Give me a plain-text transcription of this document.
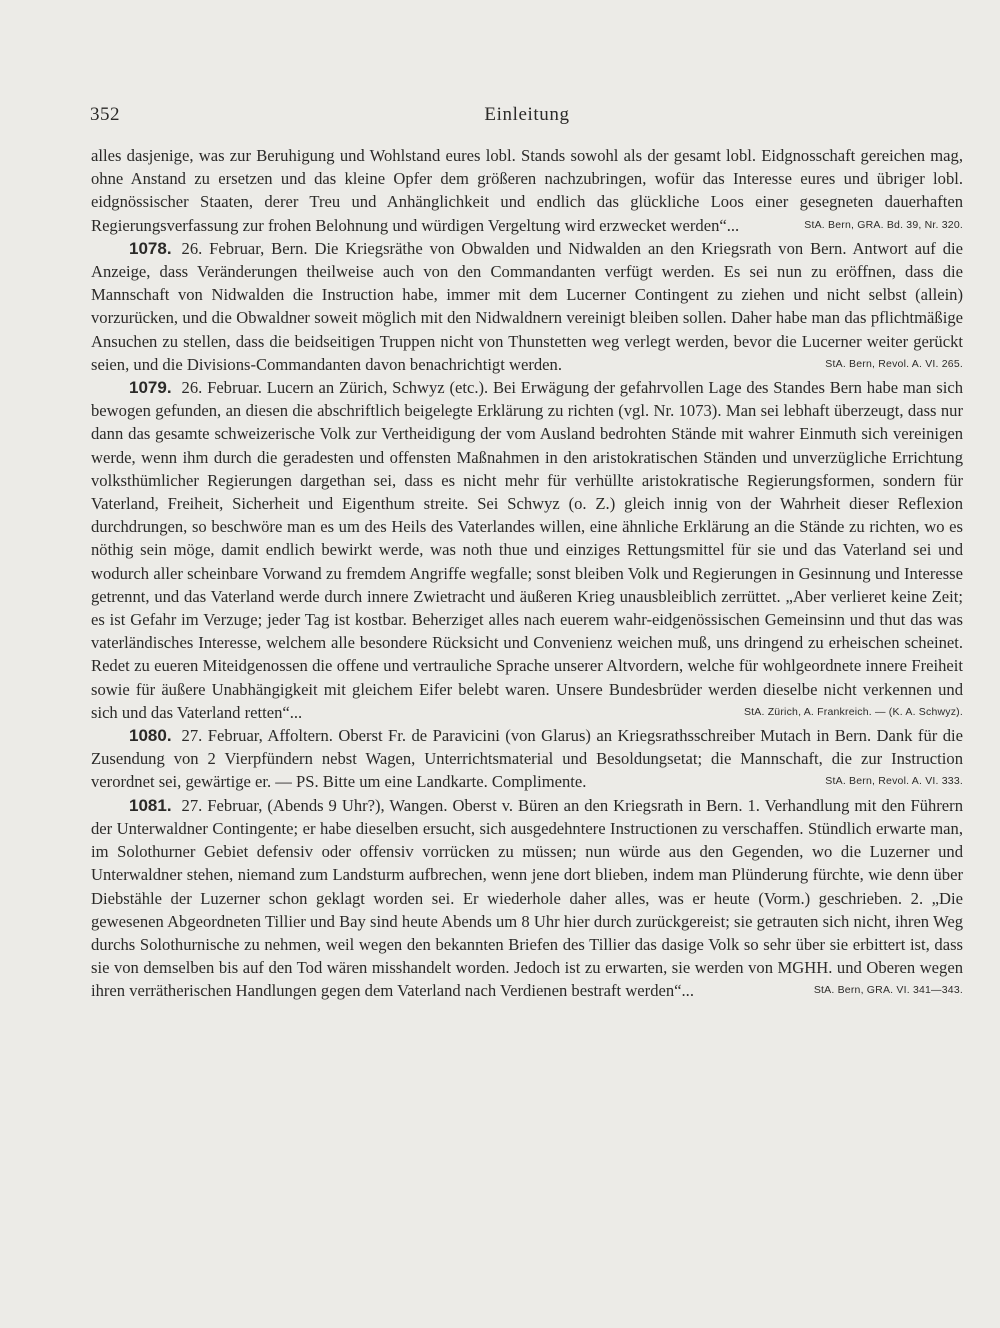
352	Einleitung

alles dasjenige, was zur Beruhigung und Wohlstand eures lobl. Stands sowohl als der gesamt lobl. Eidgnosschaft gereichen mag, ohne Anstand zu ersetzen und das kleine Opfer dem größeren nachzubringen, wofür das Interesse eures und übriger lobl. eidgnössischer Staaten, derer Treu und Anhänglichkeit und endlich das glückliche Loos einer gesegneten dauerhaften Regierungsverfassung zur frohen Belohnung und würdigen Vergeltung wird erzwecket werden“...	StA. Bern, GRA. Bd. 39, Nr. 320.

1078. 26. Februar, Bern. Die Kriegsräthe von Obwalden und Nidwalden an den Kriegsrath von Bern. Antwort auf die Anzeige, dass Veränderungen theilweise auch von den Commandanten verfügt werden. Es sei nun zu eröffnen, dass die Mannschaft von Nidwalden die Instruction habe, immer mit dem Lucerner Contingent zu ziehen und nicht selbst (allein) vorzurücken, und die Obwaldner soweit möglich mit den Nidwaldnern vereinigt bleiben sollen. Daher habe man das pflichtmäßige Ansuchen zu stellen, dass die beidseitigen Truppen nicht von Thunstetten weg verlegt werden, bevor die Lucerner weiter gerückt seien, und die Divisions-Commandanten davon benachrichtigt werden.	StA. Bern, Revol. A. VI. 265.

1079. 26. Februar. Lucern an Zürich, Schwyz (etc.). Bei Erwägung der gefahrvollen Lage des Standes Bern habe man sich bewogen gefunden, an diesen die abschriftlich beigelegte Erklärung zu richten (vgl. Nr. 1073). Man sei lebhaft überzeugt, dass nur dann das gesamte schweizerische Volk zur Vertheidigung der vom Ausland bedrohten Stände mit wahrer Einmuth sich vereinigen werde, wenn ihm durch die geradesten und offensten Maßnahmen in den aristokratischen Ständen und unverzügliche Errichtung volksthümlicher Regierungen dargethan sei, dass es nicht mehr für verhüllte aristokratische Regierungsformen, sondern für Vaterland, Freiheit, Sicherheit und Eigenthum streite. Sei Schwyz (o. Z.) gleich innig von der Wahrheit dieser Reflexion durchdrungen, so beschwöre man es um des Heils des Vaterlandes willen, eine ähnliche Erklärung an die Stände zu richten, wo es nöthig sein möge, damit endlich bewirkt werde, was noth thue und einziges Rettungsmittel für sie und das Vaterland sei und wodurch aller scheinbare Vorwand zu fremdem Angriffe wegfalle; sonst bleiben Volk und Regierungen in Gesinnung und Interesse getrennt, und das Vaterland werde durch innere Zwietracht und äußeren Krieg unausbleiblich zerrüttet. „Aber verlieret keine Zeit; es ist Gefahr im Verzuge; jeder Tag ist kostbar. Beherziget alles nach euerem wahr-eidgenössischen Gemeinsinn und thut das was vaterländisches Interesse, welchem alle besondere Rücksicht und Convenienz weichen muß, uns dringend zu erheischen scheinet. Redet zu eueren Miteidgenossen die offene und vertrauliche Sprache unserer Altvordern, welche für wohlgeordnete innere Freiheit sowie für äußere Unabhängigkeit mit gleichem Eifer belebt waren. Unsere Bundesbrüder werden dieselbe nicht verkennen und sich und das Vaterland retten“...	StA. Zürich, A. Frankreich. — (K. A. Schwyz).

1080. 27. Februar, Affoltern. Oberst Fr. de Paravicini (von Glarus) an Kriegsrathsschreiber Mutach in Bern. Dank für die Zusendung von 2 Vierpfündern nebst Wagen, Unterrichtsmaterial und Besoldungsetat; die Mannschaft, die zur Instruction verordnet sei, gewärtige er. — PS. Bitte um eine Landkarte. Complimente.	StA. Bern, Revol. A. VI. 333.

1081. 27. Februar, (Abends 9 Uhr?), Wangen. Oberst v. Büren an den Kriegsrath in Bern. 1. Verhandlung mit den Führern der Unterwaldner Contingente; er habe dieselben ersucht, sich ausgedehntere Instructionen zu verschaffen. Stündlich erwarte man, im Solothurner Gebiet defensiv oder offensiv vorrücken zu müssen; nun würde aus den Gegenden, wo die Luzerner und Unterwaldner stehen, niemand zum Landsturm aufbrechen, wenn jene dort blieben, indem man Plünderung fürchte, wie denn über Diebstähle der Luzerner schon geklagt worden sei. Er wiederhole daher alles, was er heute (Vorm.) geschrieben. 2. „Die gewesenen Abgeordneten Tillier und Bay sind heute Abends um 8 Uhr hier durch zurückgereist; sie getrauten sich nicht, ihren Weg durchs Solothurnische zu nehmen, weil wegen den bekannten Briefen des Tillier das dasige Volk so sehr über sie erbittert ist, dass sie von demselben bis auf den Tod wären misshandelt worden. Jedoch ist zu erwarten, sie werden von MGHH. und Oberen wegen ihren verrätherischen Handlungen gegen dem Vaterland nach Verdienen bestraft werden“...	StA. Bern, GRA. VI. 341—343.
